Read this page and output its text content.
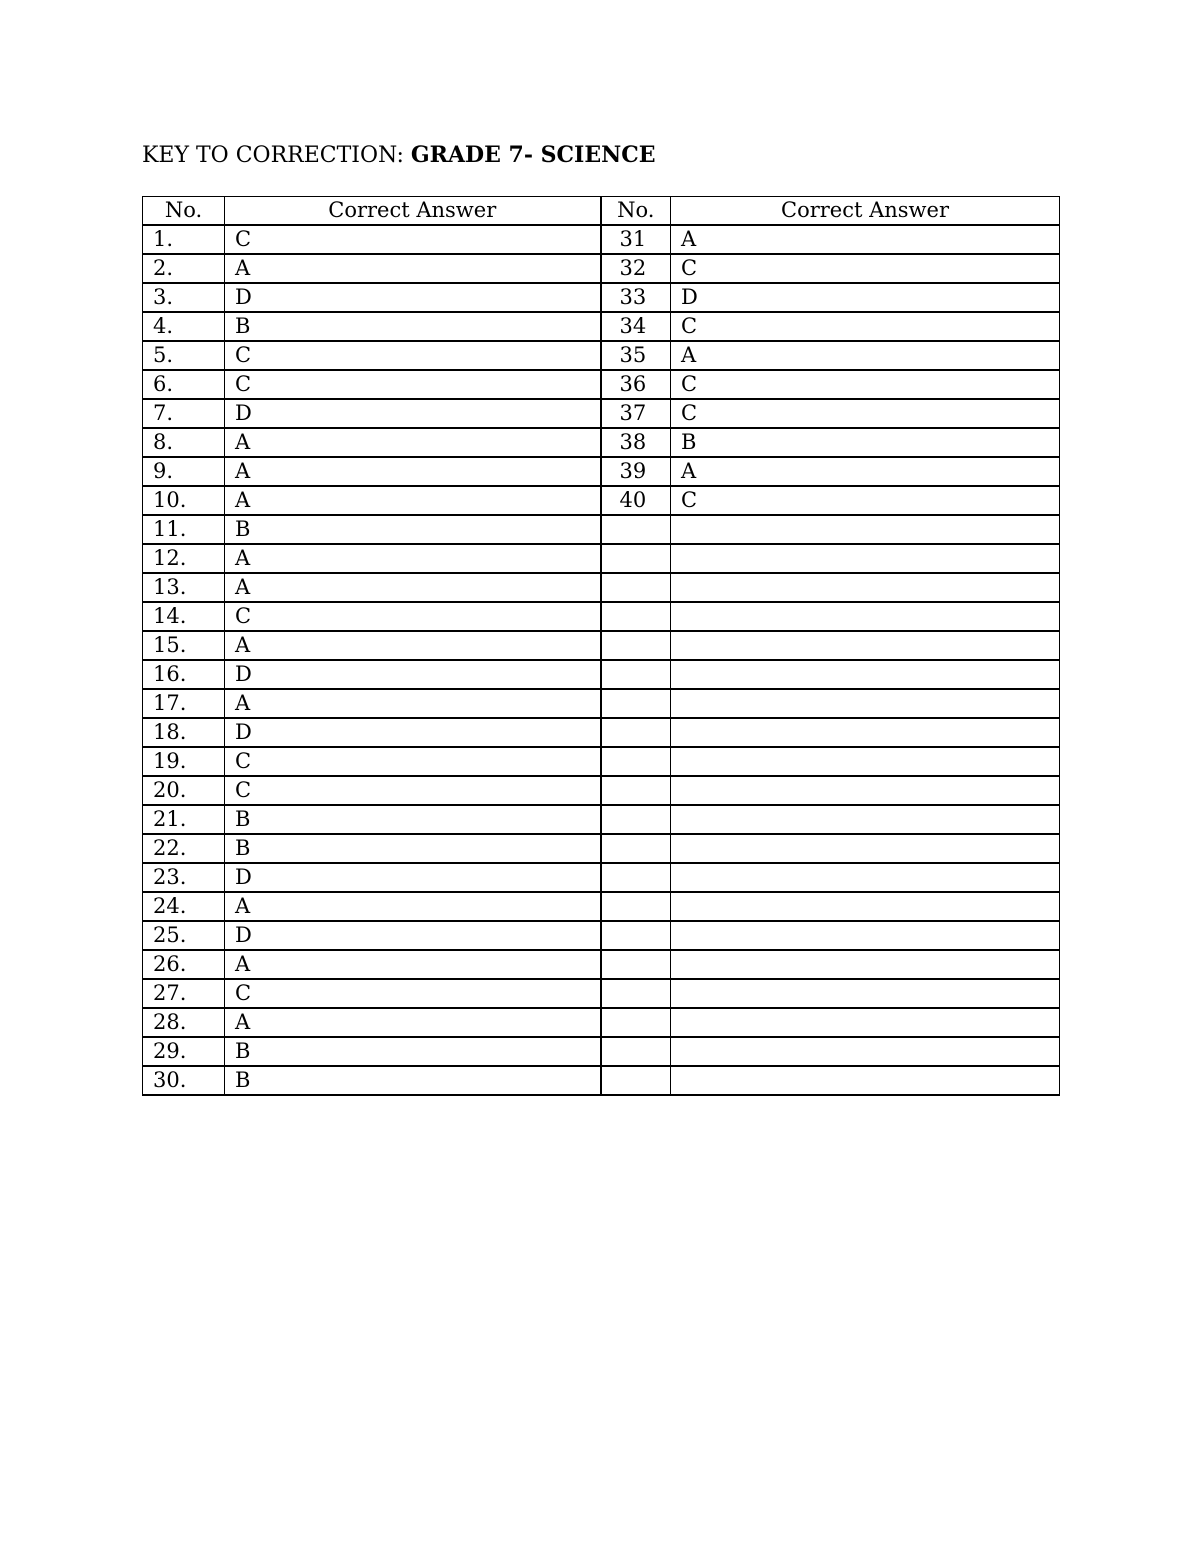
KEY TO CORRECTION: GRADE 7- SCIENCE
No.	Correct Answer	No.	Correct Answer
1.	C	31	A
2.	A	32	C
3.	D	33	D
4.	B	34	C
5.	C	35	A
6.	C	36	C
7.	D	37	C
8.	A	38	B
9.	A	39	A
10.	A	40	C
11.	B		
12.	A		
13.	A		
14.	C		
15.	A		
16.	D		
17.	A		
18.	D		
19.	C		
20.	C		
21.	B		
22.	B		
23.	D		
24.	A		
25.	D		
26.	A		
27.	C		
28.	A		
29.	B		
30.	B		
